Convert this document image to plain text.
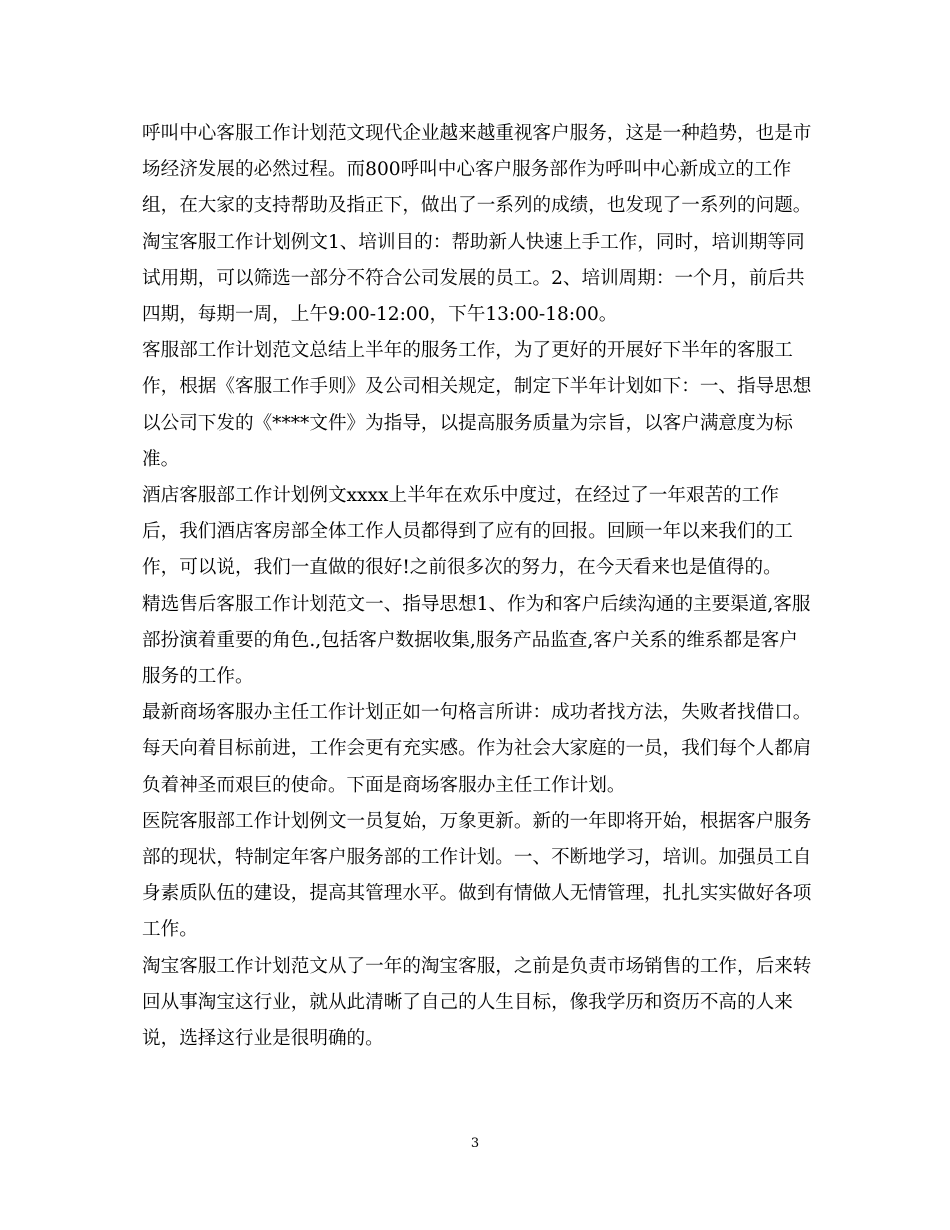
呼叫中心客服工作计划范文现代企业越来越重视客户服务，这是一种趋势，也是市场经济发展的必然过程。而800呼叫中心客户服务部作为呼叫中心新成立的工作组，在大家的支持帮助及指正下，做出了一系列的成绩，也发现了一系列的问题。

淘宝客服工作计划例文1、培训目的：帮助新人快速上手工作，同时，培训期等同试用期，可以筛选一部分不符合公司发展的员工。2、培训周期：一个月，前后共四期，每期一周，上午9:00-12:00，下午13:00-18:00。

客服部工作计划范文总结上半年的服务工作，为了更好的开展好下半年的客服工作，根据《客服工作手则》及公司相关规定，制定下半年计划如下：一、指导思想以公司下发的《****文件》为指导，以提高服务质量为宗旨，以客户满意度为标准。

酒店客服部工作计划例文xxxx上半年在欢乐中度过，在经过了一年艰苦的工作后，我们酒店客房部全体工作人员都得到了应有的回报。回顾一年以来我们的工作，可以说，我们一直做的很好!之前很多次的努力，在今天看来也是值得的。

精选售后客服工作计划范文一、指导思想1、作为和客户后续沟通的主要渠道,客服部扮演着重要的角色.,包括客户数据收集,服务产品监查,客户关系的维系都是客户服务的工作。

最新商场客服办主任工作计划正如一句格言所讲：成功者找方法，失败者找借口。每天向着目标前进，工作会更有充实感。作为社会大家庭的一员，我们每个人都肩负着神圣而艰巨的使命。下面是商场客服办主任工作计划。

医院客服部工作计划例文一员复始，万象更新。新的一年即将开始，根据客户服务部的现状，特制定年客户服务部的工作计划。一、不断地学习，培训。加强员工自身素质队伍的建设，提高其管理水平。做到有情做人无情管理，扎扎实实做好各项工作。

淘宝客服工作计划范文从了一年的淘宝客服，之前是负责市场销售的工作，后来转回从事淘宝这行业，就从此清晰了自己的人生目标，像我学历和资历不高的人来说，选择这行业是很明确的。

3
